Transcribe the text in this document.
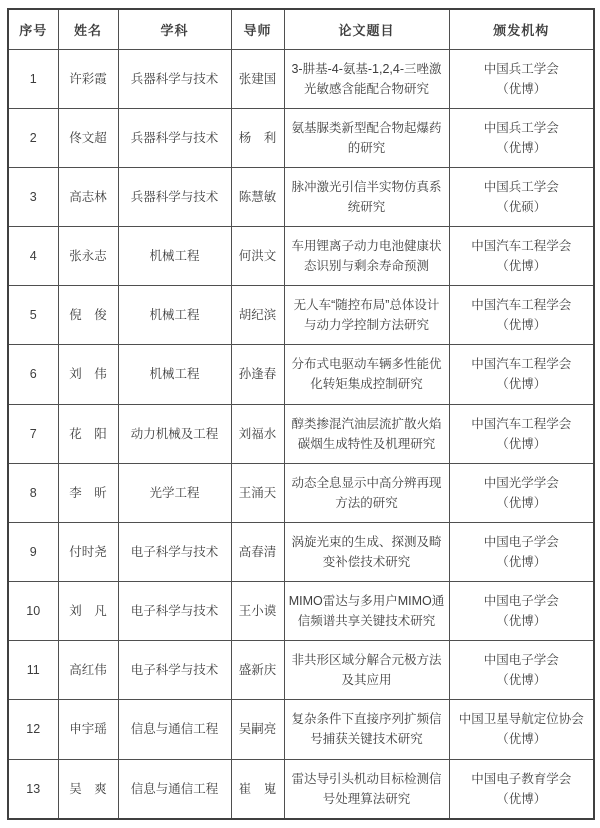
序号	姓名	学科	导师	论文题目	颁发机构
1	许彩霞	兵器科学与技术	张建国	3-肼基-4-氨基-1,2,4-三唑激光敏感含能配合物研究	中国兵工学会
（优博）

2	佟文超	兵器科学与技术	杨　利	氨基脲类新型配合物起爆药的研究	中国兵工学会
（优博）

3	高志林	兵器科学与技术	陈慧敏	脉冲激光引信半实物仿真系统研究	中国兵工学会
（优硕）

4	张永志	机械工程	何洪文	车用锂离子动力电池健康状态识别与剩余寿命预测	中国汽车工程学会
（优博）

5	倪　俊	机械工程	胡纪滨	无人车“随控布局”总体设计与动力学控制方法研究	中国汽车工程学会
（优博）

6	刘　伟	机械工程	孙逢春	分布式电驱动车辆多性能优化转矩集成控制研究	中国汽车工程学会
（优博）

7	花　阳	动力机械及工程	刘福水	醇类掺混汽油层流扩散火焰碳烟生成特性及机理研究	中国汽车工程学会
（优博）

8	李　昕	光学工程	王涌天	动态全息显示中高分辨再现方法的研究	中国光学学会
（优博）

9	付时尧	电子科学与技术	高春清	涡旋光束的生成、探测及畸变补偿技术研究	中国电子学会
（优博）

10	刘　凡	电子科学与技术	王小谟	MIMO雷达与多用户MIMO通信频谱共享关键技术研究	中国电子学会
（优博）

11	高红伟	电子科学与技术	盛新庆	非共形区域分解合元极方法及其应用	中国电子学会
（优博）

12	申宇瑶	信息与通信工程	吴嗣亮	复杂条件下直接序列扩频信号捕获关键技术研究	中国卫星导航定位协会
（优博）

13	吴　爽	信息与通信工程	崔　嵬	雷达导引头机动目标检测信号处理算法研究	中国电子教育学会
（优博）
